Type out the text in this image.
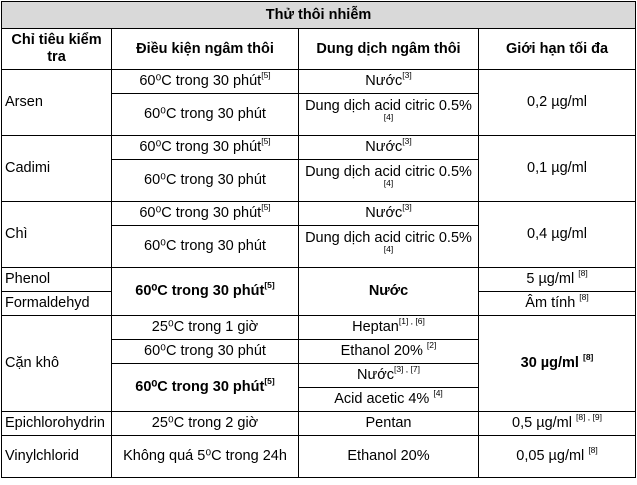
Thử thôi nhiễm			
Chỉ tiêu kiểm tra	Điều kiện ngâm thôi	Dung dịch ngâm thôi	Giới hạn tối đa
Arsen	60⁰C trong 30 phút[5]	Nước[3]	0,2 µg/ml
	60⁰C trong 30 phút	Dung dịch acid citric 0.5%[4]
Cadimi	60⁰C trong 30 phút[5]	Nước[3]	0,1 µg/ml
	60⁰C trong 30 phút	Dung dịch acid citric 0.5%[4]
Chì	60⁰C trong 30 phút[5]	Nước[3]	0,4 µg/ml
	60⁰C trong 30 phút	Dung dịch acid citric 0.5%[4]
Phenol	60⁰C trong 30 phút[5]	Nước	5 µg/ml [8]
Formaldehyd			Âm tính [8]
Cặn khô	25⁰C trong 1 giờ	Heptan[1] , [6]	30 µg/ml [8]
	60⁰C trong 30 phút	Ethanol 20% [2]
	60⁰C trong 30 phút[5]	Nước[3] , [7]
		Acid acetic 4% [4]
Epichlorohydrin	25⁰C trong 2 giờ	Pentan	0,5 µg/ml [8] , [9]
Vinylchlorid	Không quá 5⁰C trong 24h	Ethanol 20%	0,05 µg/ml [8]
